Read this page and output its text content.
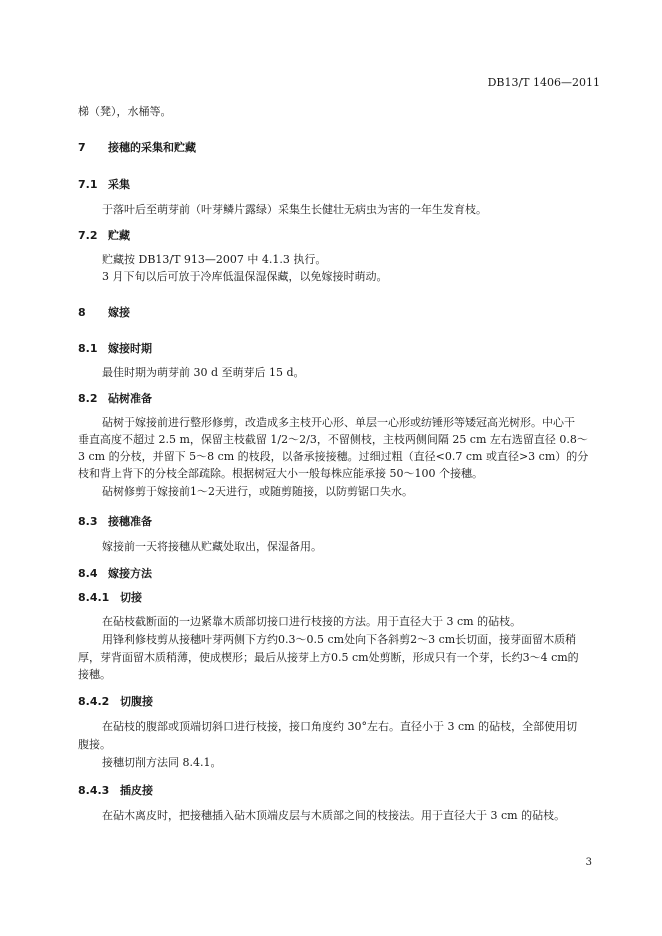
DB13/T 1406—2011
梯（凳），水桶等。
7 接穗的采集和贮藏
7.1 采集
于落叶后至萌芽前（叶芽鳞片露绿）采集生长健壮无病虫为害的一年生发育枝。
7.2 贮藏
贮藏按 DB13/T 913—2007 中 4.1.3 执行。
3 月下旬以后可放于冷库低温保湿保藏，以免嫁接时萌动。
8 嫁接
8.1 嫁接时期
最佳时期为萌芽前 30 d 至萌芽后 15 d。
8.2 砧树准备
砧树于嫁接前进行整形修剪，改造成多主枝开心形、单层一心形或纺锤形等矮冠高光树形。中心干
垂直高度不超过 2.5 m，保留主枝截留 1/2～2/3，不留侧枝，主枝两侧间隔 25 cm 左右选留直径 0.8～
3 cm 的分枝，并留下 5～8 cm 的枝段，以备承接接穗。过细过粗（直径<0.7 cm 或直径>3 cm）的分
枝和背上背下的分枝全部疏除。根据树冠大小一般每株应能承接 50～100 个接穗。
砧树修剪于嫁接前1～2天进行，或随剪随接，以防剪锯口失水。
8.3 接穗准备
嫁接前一天将接穗从贮藏处取出，保湿备用。
8.4 嫁接方法
8.4.1 切接
在砧枝截断面的一边紧靠木质部切接口进行枝接的方法。用于直径大于 3 cm 的砧枝。
用锋利修枝剪从接穗叶芽两侧下方约0.3～0.5 cm处向下各斜剪2～3 cm长切面，接芽面留木质稍
厚，芽背面留木质稍薄，使成楔形；最后从接芽上方0.5 cm处剪断，形成只有一个芽，长约3～4 cm的
接穗。
8.4.2 切腹接
在砧枝的腹部或顶端切斜口进行枝接，接口角度约 30°左右。直径小于 3 cm 的砧枝，全部使用切
腹接。
接穗切削方法同 8.4.1。
8.4.3 插皮接
在砧木离皮时，把接穗插入砧木顶端皮层与木质部之间的枝接法。用于直径大于 3 cm 的砧枝。
3
